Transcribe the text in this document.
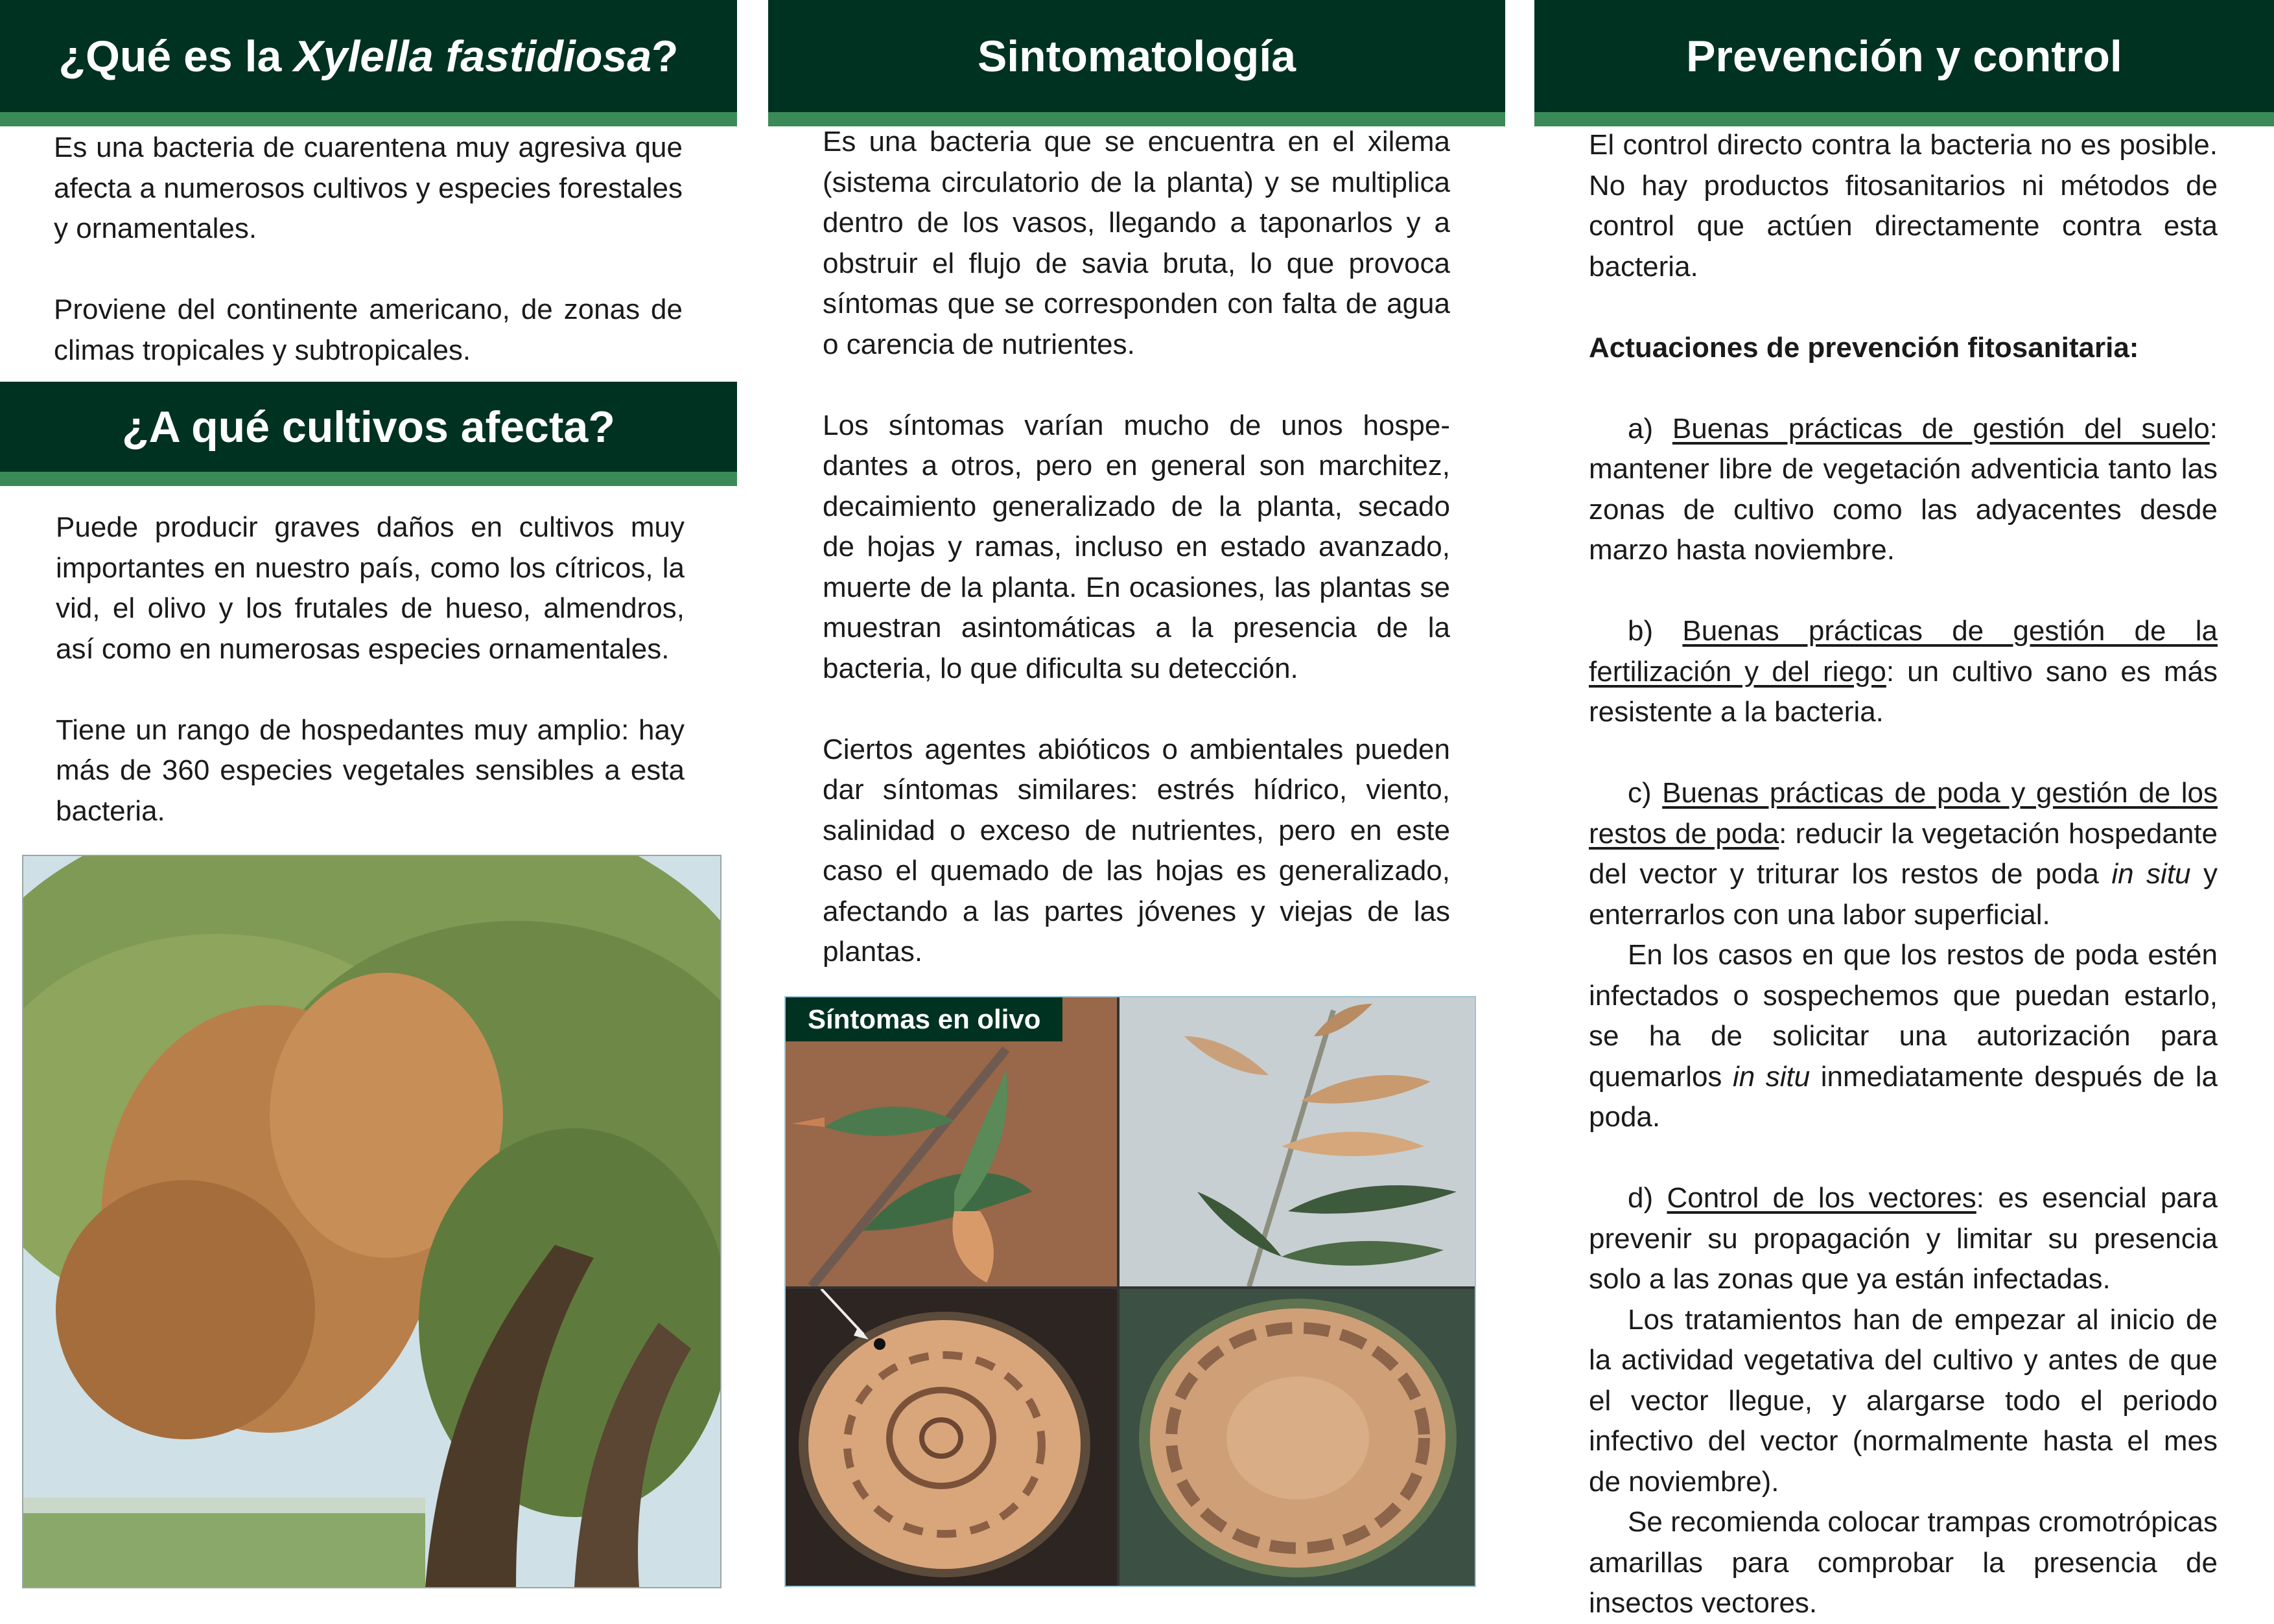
¿Qué es la Xylella fastidiosa?

Es una bacteria de cuarentena muy agresiva que afecta a numerosos cultivos y especies forestales y ornamentales.

Proviene del continente americano, de zonas de climas tropicales y subtropicales.

¿A qué cultivos afecta?

Puede producir graves daños en cultivos muy importantes en nuestro país, como los cítricos, la vid, el olivo y los frutales de hueso, almendros, así como en numerosas especies ornamentales.

Tiene un rango de hospedantes muy amplio: hay más de 360 especies vegetales sensibles a esta bacteria.

Sintomatología

Es una bacteria que se encuentra en el xilema (sistema circulatorio de la planta) y se multiplica dentro de los vasos, llegando a taponarlos y a obstruir el flujo de savia bruta, lo que provoca síntomas que se corresponden con falta de agua o carencia de nutrientes.

Los síntomas varían mucho de unos hospe-dantes a otros, pero en general son marchitez, decaimiento generalizado de la planta, secado de hojas y ramas, incluso en estado avanzado, muerte de la planta. En ocasiones, las plantas se muestran asintomáticas a la presencia de la bacteria, lo que dificulta su detección.

Ciertos agentes abióticos o ambientales pueden dar síntomas similares: estrés hídrico, viento, salinidad o exceso de nutrientes, pero en este caso el quemado de las hojas es generalizado, afectando a las partes jóvenes y viejas de las plantas.

Síntomas en olivo
Prevención y control

El control directo contra la bacteria no es posible. No hay productos fitosanitarios ni métodos de control que actúen directamente contra esta bacteria.

Actuaciones de prevención fitosanitaria:

a) Buenas prácticas de gestión del suelo: mantener libre de vegetación adventicia tanto las zonas de cultivo como las adyacentes desde marzo hasta noviembre.

b) Buenas prácticas de gestión de la fertilización y del riego: un cultivo sano es más resistente a la bacteria.

c) Buenas prácticas de poda y gestión de los restos de poda: reducir la vegetación hospedante del vector y triturar los restos de poda in situ y enterrarlos con una labor superficial.

En los casos en que los restos de poda estén infectados o sospechemos que puedan estarlo, se ha de solicitar una autorización para quemarlos in situ inmediatamente después de la poda.

d) Control de los vectores: es esencial para prevenir su propagación y limitar su presencia solo a las zonas que ya están infectadas.

Los tratamientos han de empezar al inicio de la actividad vegetativa del cultivo y antes de que el vector llegue, y alargarse todo el periodo infectivo del vector (normalmente hasta el mes de noviembre).

Se recomienda colocar trampas cromotrópicas amarillas para comprobar la presencia de insectos vectores.
